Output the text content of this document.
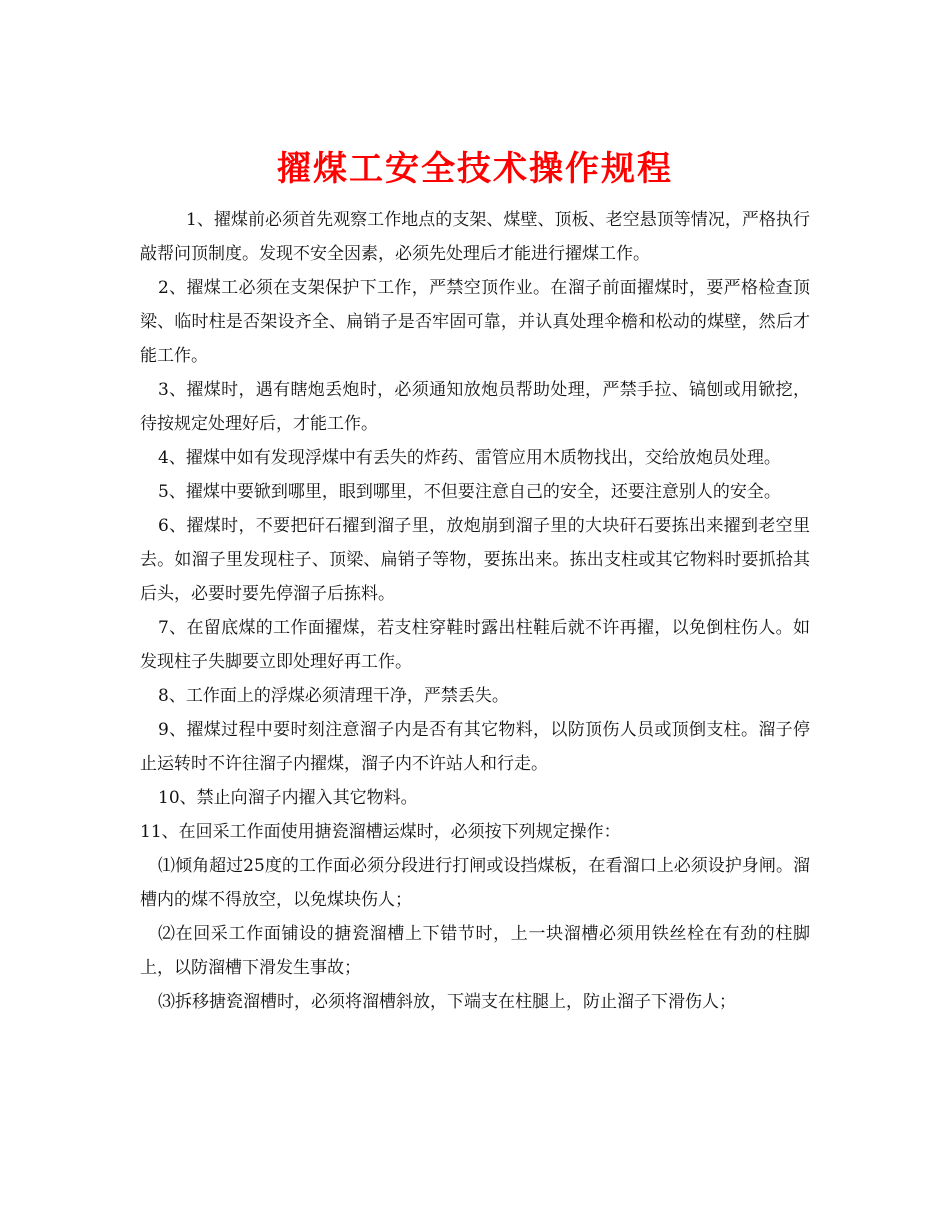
擢煤工安全技术操作规程

1、擢煤前必须首先观察工作地点的支架、煤壁、顶板、老空悬顶等情况，严格执行敲帮问顶制度。发现不安全因素，必须先处理后才能进行擢煤工作。

2、擢煤工必须在支架保护下工作，严禁空顶作业。在溜子前面擢煤时，要严格检查顶梁、临时柱是否架设齐全、扁销子是否牢固可靠，并认真处理伞檐和松动的煤壁，然后才能工作。

3、擢煤时，遇有瞎炮丢炮时，必须通知放炮员帮助处理，严禁手拉、镐刨或用锨挖，待按规定处理好后，才能工作。

4、擢煤中如有发现浮煤中有丢失的炸药、雷管应用木质物找出，交给放炮员处理。

5、擢煤中要锨到哪里，眼到哪里，不但要注意自己的安全，还要注意别人的安全。

6、擢煤时，不要把矸石擢到溜子里，放炮崩到溜子里的大块矸石要拣出来擢到老空里去。如溜子里发现柱子、顶梁、扁销子等物，要拣出来。拣出支柱或其它物料时要抓拾其后头，必要时要先停溜子后拣料。

7、在留底煤的工作面擢煤，若支柱穿鞋时露出柱鞋后就不许再擢，以免倒柱伤人。如发现柱子失脚要立即处理好再工作。

8、工作面上的浮煤必须清理干净，严禁丢失。

9、擢煤过程中要时刻注意溜子内是否有其它物料，以防顶伤人员或顶倒支柱。溜子停止运转时不许往溜子内擢煤，溜子内不许站人和行走。

10、禁止向溜子内擢入其它物料。

11、在回采工作面使用搪瓷溜槽运煤时，必须按下列规定操作：

⑴倾角超过25度的工作面必须分段进行打闸或设挡煤板，在看溜口上必须设护身闸。溜槽内的煤不得放空，以免煤块伤人；

⑵在回采工作面铺设的搪瓷溜槽上下错节时，上一块溜槽必须用铁丝栓在有劲的柱脚上，以防溜槽下滑发生事故；

⑶拆移搪瓷溜槽时，必须将溜槽斜放，下端支在柱腿上，防止溜子下滑伤人；
